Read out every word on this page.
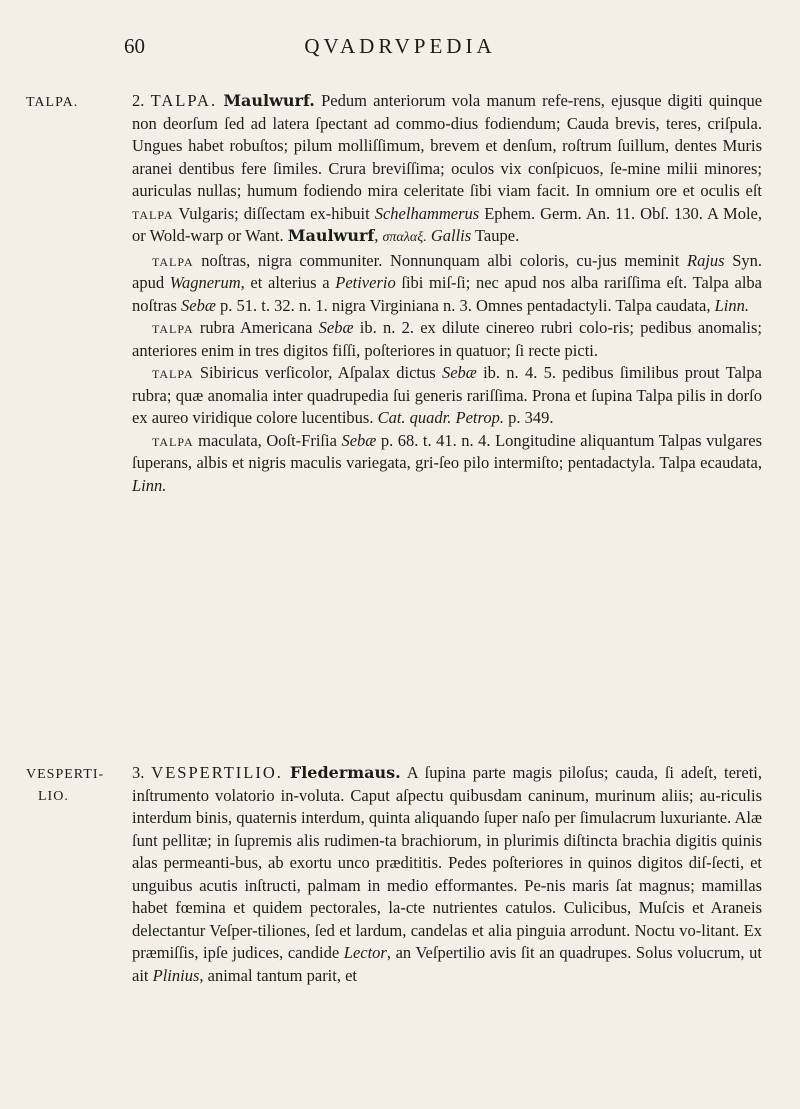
60	QVADRVPEDIA
TALPA.
VESPERTI-
LIO.

2. TALPA. Maulwurf. Pedum anteriorum vola manum refe-rens, ejusque digiti quinque non deorſum ſed ad latera ſpectant ad commo-dius fodiendum; Cauda brevis, teres, criſpula. Ungues habet robuſtos; pilum molliſſimum, brevem et denſum, roſtrum ſuillum, dentes Muris aranei dentibus fere ſimiles. Crura breviſſima; oculos vix conſpicuos, ſe-mine milii minores; auriculas nullas; humum fodiendo mira celeritate ſibi viam facit. In omnium ore et oculis eſt talpa Vulgaris; diſſectam ex-hibuit Schelhammerus Ephem. Germ. An. 11. Obſ. 130. A Mole, or Wold-warp or Want. Maulwurf, σπαλαξ. Gallis Taupe.

talpa noſtras, nigra communiter. Nonnunquam albi coloris, cu-jus meminit Rajus Syn. apud Wagnerum, et alterius a Petiverio ſibi miſ-ſi; nec apud nos alba rariſſima eſt. Talpa alba noſtras Sebæ p. 51. t. 32. n. 1. nigra Virginiana n. 3. Omnes pentadactyli. Talpa caudata, Linn.

talpa rubra Americana Sebæ ib. n. 2. ex dilute cinereo rubri colo-ris; pedibus anomalis; anteriores enim in tres digitos fiſſi, poſteriores in quatuor; ſi recte picti.

talpa Sibiricus verſicolor, Aſpalax dictus Sebæ ib. n. 4. 5. pedibus ſimilibus prout Talpa rubra; quæ anomalia inter quadrupedia ſui generis rariſſima. Prona et ſupina Talpa pilis in dorſo ex aureo viridique colore lucentibus. Cat. quadr. Petrop. p. 349.

talpa maculata, Ooſt-Friſia Sebæ p. 68. t. 41. n. 4. Longitudine aliquantum Talpas vulgares ſuperans, albis et nigris maculis variegata, gri-ſeo pilo intermiſto; pentadactyla. Talpa ecaudata, Linn.

3. VESPERTILIO. Fledermaus. A ſupina parte magis piloſus; cauda, ſi adeſt, tereti, inſtrumento volatorio in-voluta. Caput aſpectu quibusdam caninum, murinum aliis; au-riculis interdum binis, quaternis interdum, quinta aliquando ſuper naſo per ſimulacrum luxuriante. Alæ ſunt pellitæ; in ſupremis alis rudimen-ta brachiorum, in plurimis diſtincta brachia digitis quinis alas permeanti-bus, ab exortu unco prædititis. Pedes poſteriores in quinos digitos diſ-ſecti, et unguibus acutis inſtructi, palmam in medio efformantes. Pe-nis maris ſat magnus; mamillas habet fœmina et quidem pectorales, la-cte nutrientes catulos. Culicibus, Muſcis et Araneis delectantur Veſper-tiliones, ſed et lardum, candelas et alia pinguia arrodunt. Noctu vo-litant. Ex præmiſſis, ipſe judices, candide Lector, an Veſpertilio avis ſit an quadrupes. Solus volucrum, ut ait Plinius, animal tantum parit, et
